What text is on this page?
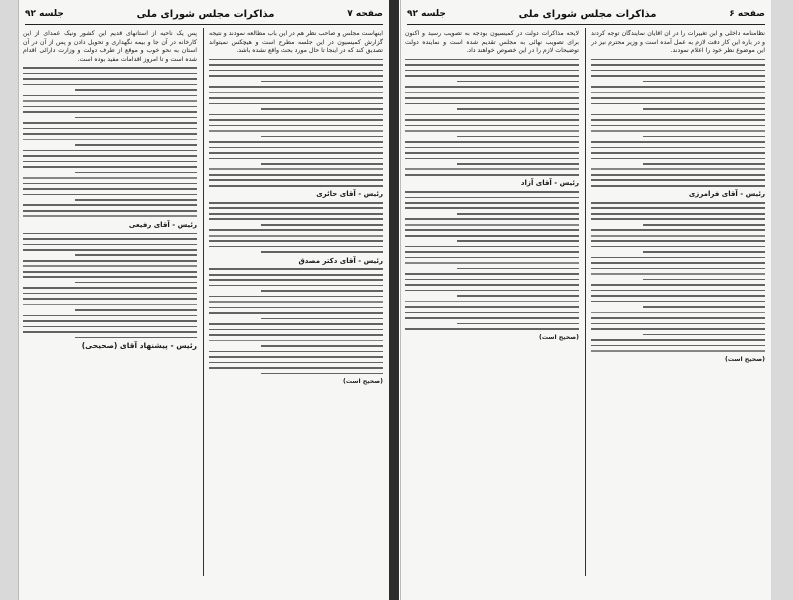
صفحه ۷
مذاکرات مجلس شورای ملی
جلسه ۹۲
اینهاست مجلس و صاحب نظر هم در این باب مطالعه نمودند و نتیجه گزارش کمیسیون در این جلسه مطرح است و هیچکس نمیتواند تصدیق کند که در اینجا تا حال مورد بحث واقع نشده باشد.
رئیس - آقای حائری
رئیس - آقای دکتر مصدق
(صحیح است)
پس یک ناحیه از استانهای قدیم این کشور ونیک عمدای از این کارخانه در آن جا و بیمه نگهداری و تحویل دادن و پس از آن در آن استان به نحو خوب و موقع از طرف دولت و وزارت دارائی اقدام شده است و تا امروز اقدامات مفید بوده است.
رئیس - آقای رفیعی
رئیس - پیشنهاد آقای (صحیحی)
صفحه ۶
مذاکرات مجلس شورای ملی
جلسه ۹۲
نظامنامه داخلی و این تغییرات را در آن آقایان نمایندگان توجه کردند و در باره این کار دقت لازم به عمل آمده است و وزیر محترم نیز در این موضوع نظر خود را اعلام نمودند.
رئیس - آقای فرامرزی
(صحیح است)
لایحه مذاکرات دولت در کمیسیون بودجه به تصویب رسید و اکنون برای تصویب نهائی به مجلس تقدیم شده است و نماینده دولت توضیحات لازم را در این خصوص خواهند داد.
رئیس - آقای آزاد
(صحیح است)
